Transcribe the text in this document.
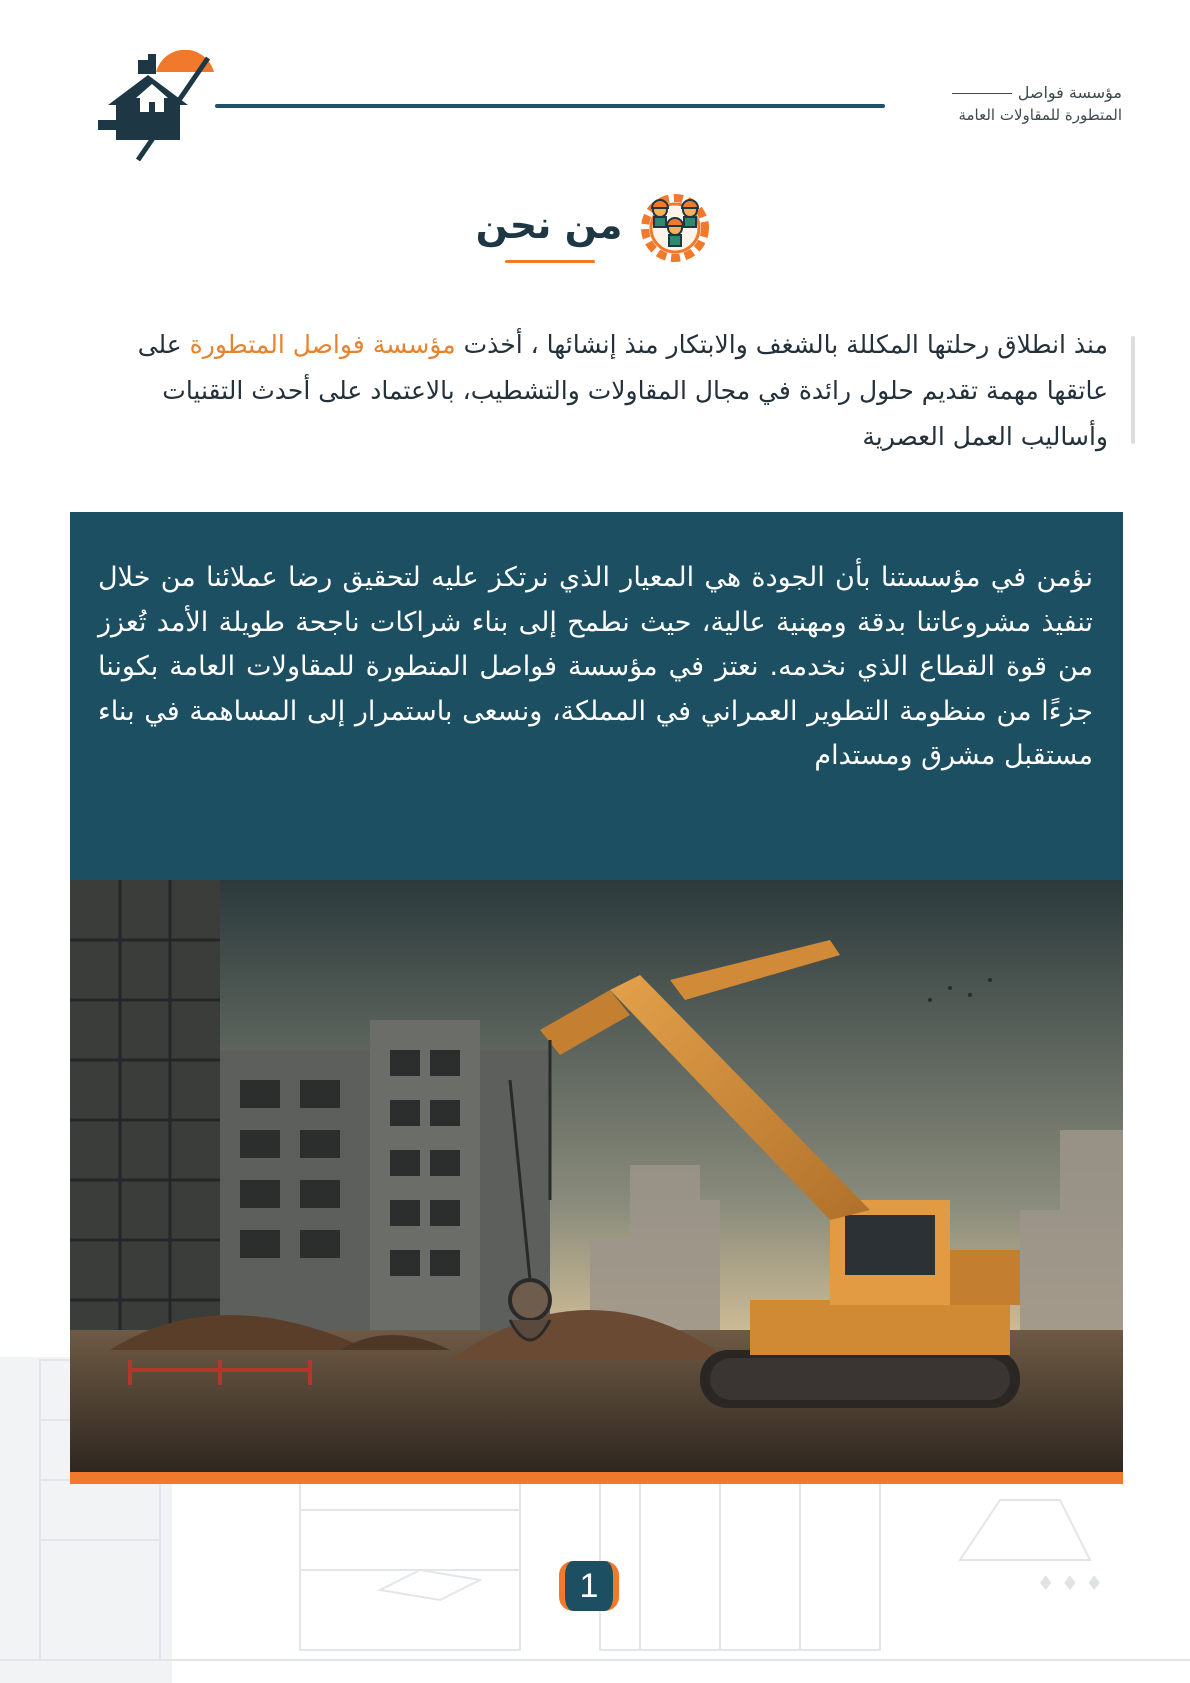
♦ ♦ ♦
مؤسسة فواصل
المتطورة للمقاولات العامة
من نحن

منذ انطلاق رحلتها المكللة بالشغف والابتكار منذ إنشائها ، أخذت مؤسسة فواصل المتطورة على عاتقها مهمة تقديم حلول رائدة في مجال المقاولات والتشطيب، بالاعتماد على أحدث التقنيات وأساليب العمل العصرية

نؤمن في مؤسستنا بأن الجودة هي المعيار الذي نرتكز عليه لتحقيق رضا عملائنا من خلال تنفيذ مشروعاتنا بدقة ومهنية عالية، حيث نطمح إلى بناء شراكات ناجحة طويلة الأمد تُعزز من قوة القطاع الذي نخدمه. نعتز في مؤسسة فواصل المتطورة للمقاولات العامة بكوننا جزءًا من منظومة التطوير العمراني في المملكة، ونسعى باستمرار إلى المساهمة في بناء مستقبل مشرق ومستدام

1
